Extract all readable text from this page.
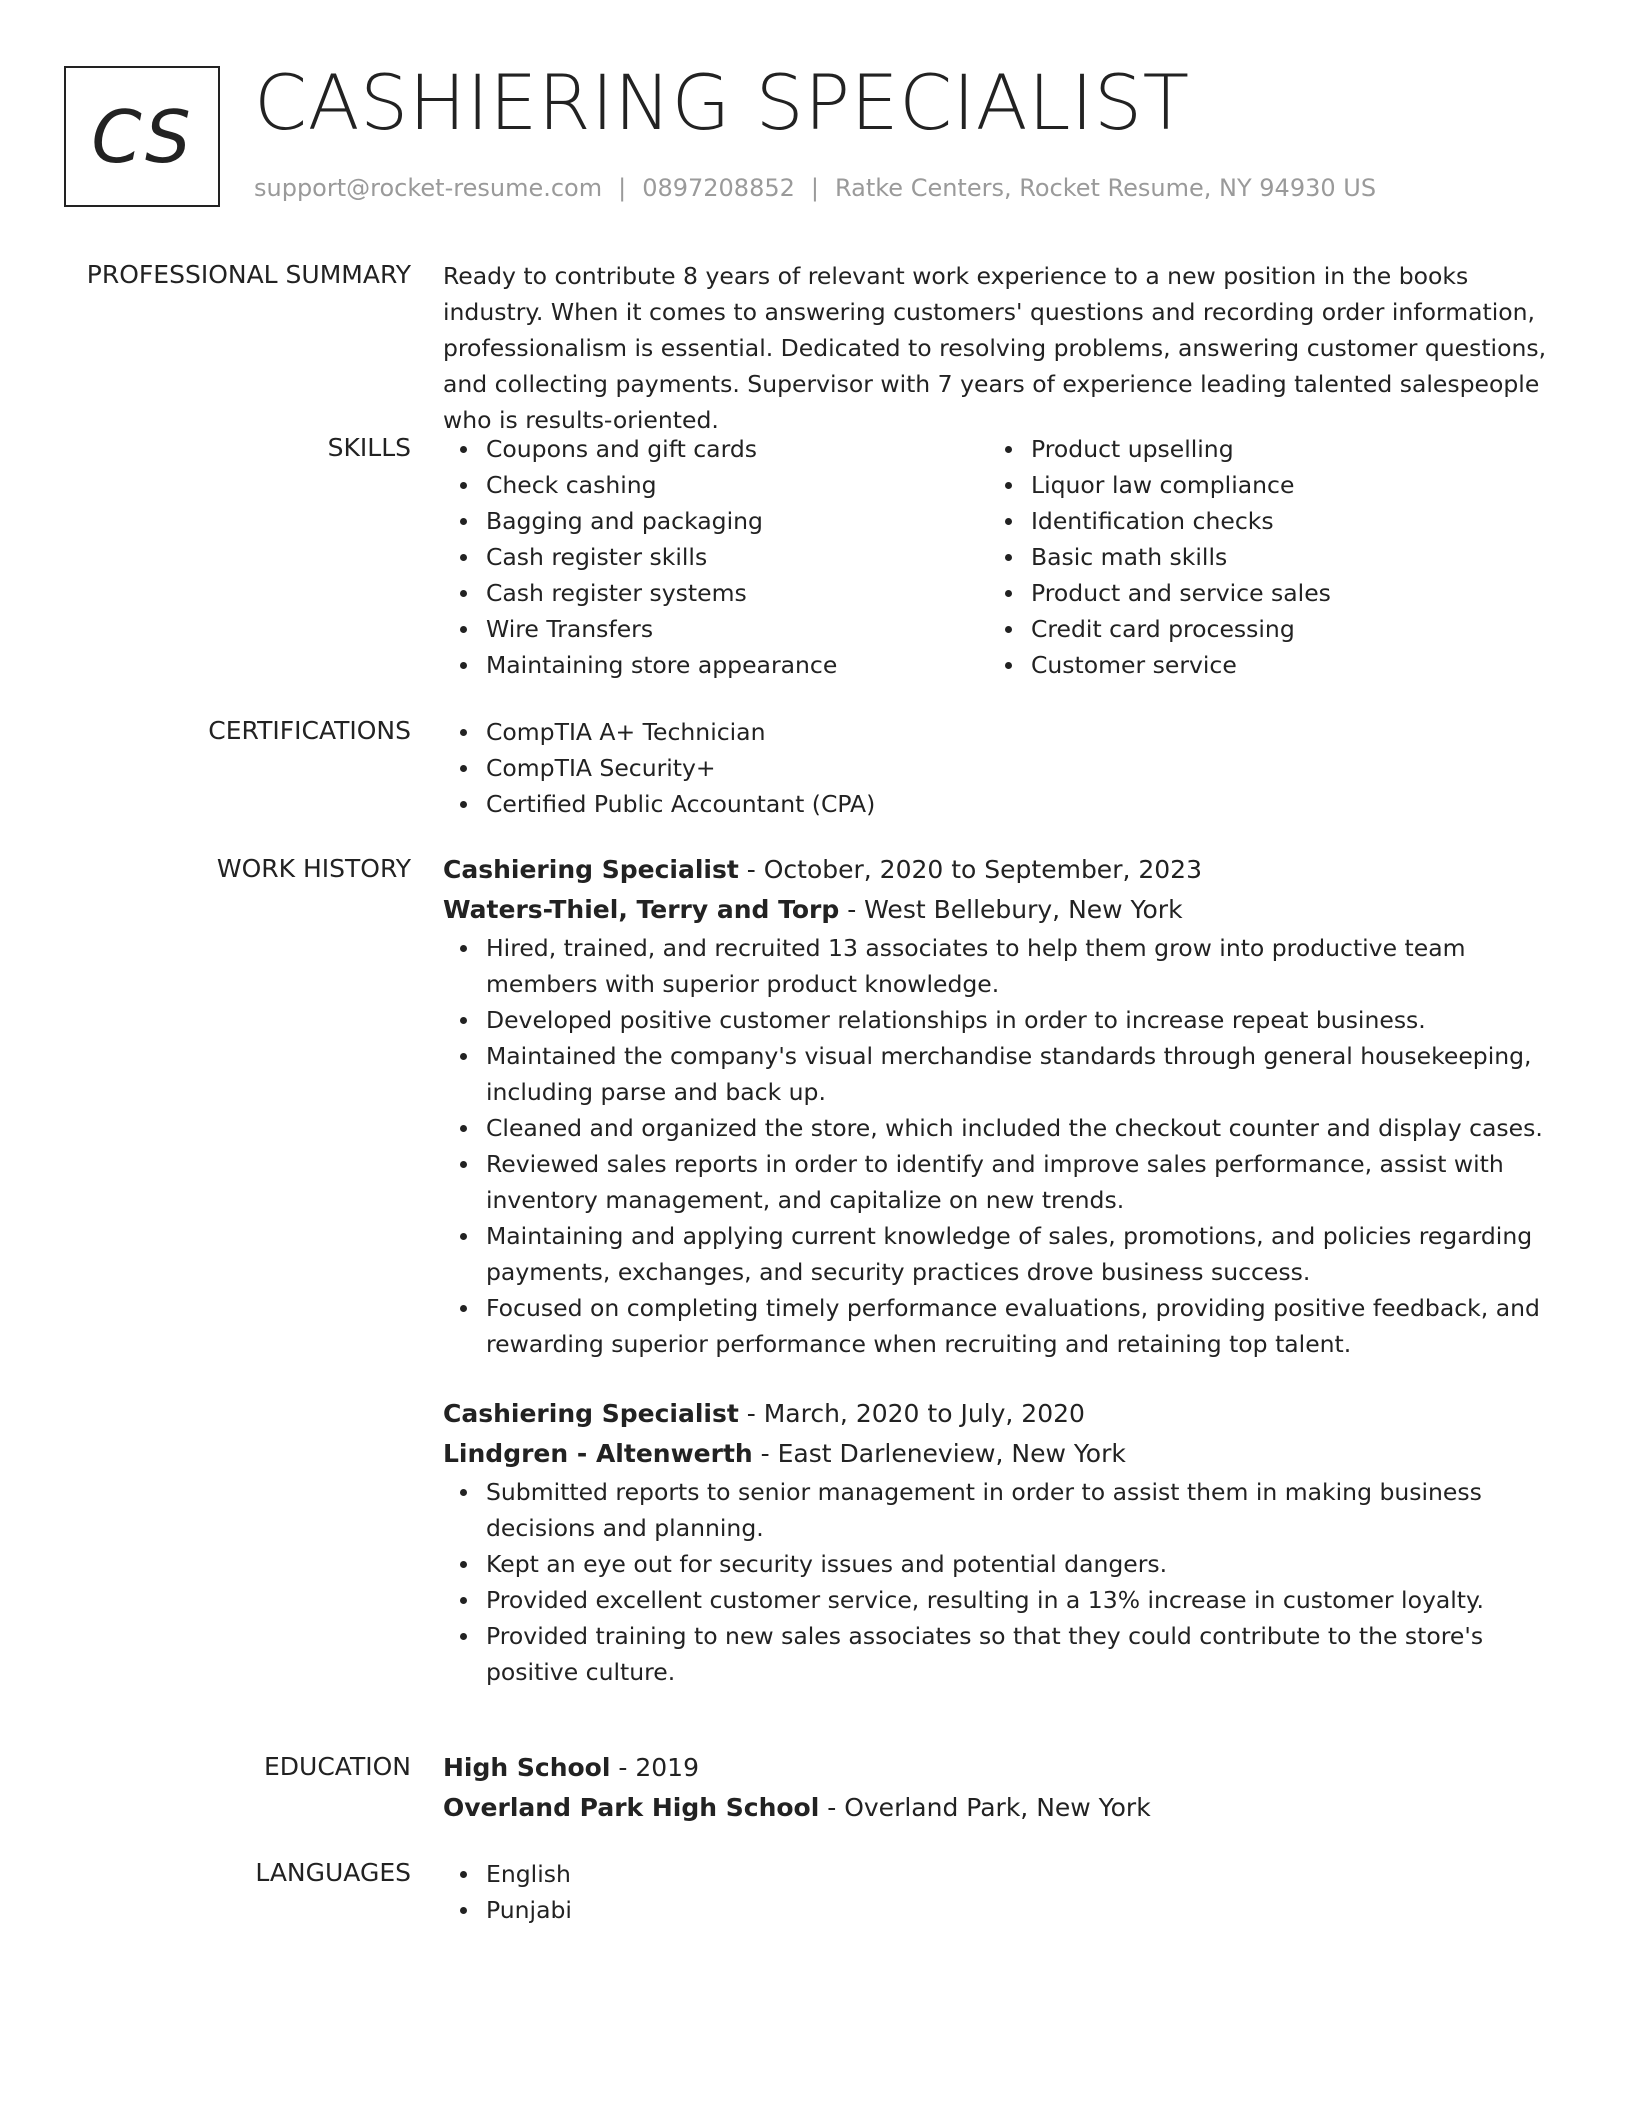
CS CASHIERING SPECIALIST
support@rocket-resume.com | 0897208852 | Ratke Centers, Rocket Resume, NY 94930 US
PROFESSIONAL SUMMARY Ready to contribute 8 years of relevant work experience to a new position in the books industry. When it comes to answering customers' questions and recording order information, professionalism is essential. Dedicated to resolving problems, answering customer questions, and collecting payments. Supervisor with 7 years of experience leading talented salespeople who is results-oriented.

SKILLS	Coupons and gift cards
Check cashing
Bagging and packaging
Cash register skills
Cash register systems
Wire Transfers
Maintaining store appearance
Product upselling
Liquor law compliance
Identification checks
Basic math skills
Product and service sales
Credit card processing
Customer service
CERTIFICATIONS	CompTIA A+ Technician
CompTIA Security+
Certified Public Accountant (CPA)
WORK HISTORY Cashiering Specialist - October, 2020 to September, 2023
Waters-Thiel, Terry and Torp - West Bellebury, New York
Hired, trained, and recruited 13 associates to help them grow into productive team members with superior product knowledge.
Developed positive customer relationships in order to increase repeat business.
Maintained the company's visual merchandise standards through general housekeeping, including parse and back up.
Cleaned and organized the store, which included the checkout counter and display cases.
Reviewed sales reports in order to identify and improve sales performance, assist with inventory management, and capitalize on new trends.
Maintaining and applying current knowledge of sales, promotions, and policies regarding payments, exchanges, and security practices drove business success.
Focused on completing timely performance evaluations, providing positive feedback, and rewarding superior performance when recruiting and retaining top talent.
Cashiering Specialist - March, 2020 to July, 2020
Lindgren - Altenwerth - East Darleneview, New York
Submitted reports to senior management in order to assist them in making business decisions and planning.
Kept an eye out for security issues and potential dangers.
Provided excellent customer service, resulting in a 13% increase in customer loyalty.
Provided training to new sales associates so that they could contribute to the store's positive culture.
EDUCATION High School - 2019
Overland Park High School - Overland Park, New York
LANGUAGES	English
Punjabi
